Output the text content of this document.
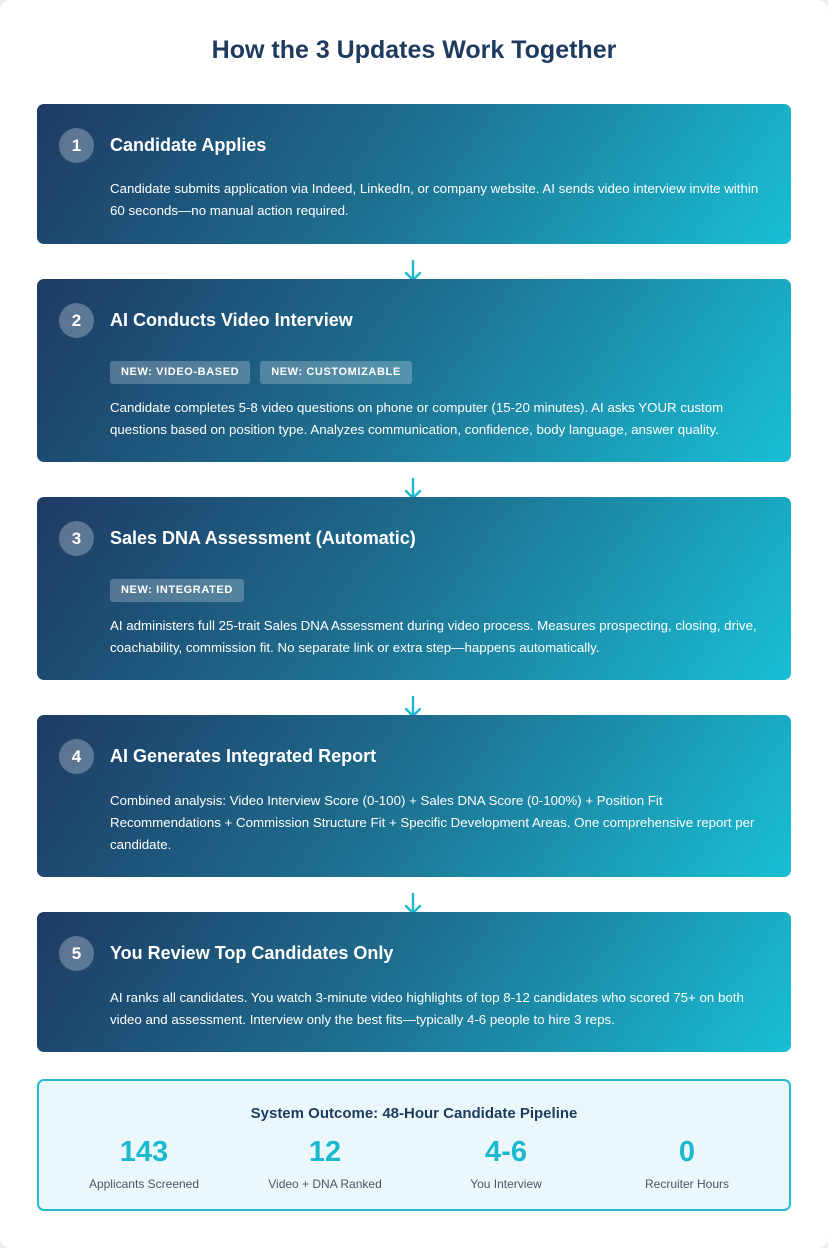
How the 3 Updates Work Together
1	Candidate Applies
Candidate submits application via Indeed, LinkedIn, or company website. AI sends video interview invite within 60 seconds—no manual action required.
2	AI Conducts Video Interview
NEW: VIDEO-BASED	NEW: CUSTOMIZABLE
Candidate completes 5-8 video questions on phone or computer (15-20 minutes). AI asks YOUR custom questions based on position type. Analyzes communication, confidence, body language, answer quality.
3	Sales DNA Assessment (Automatic)
NEW: INTEGRATED
AI administers full 25-trait Sales DNA Assessment during video process. Measures prospecting, closing, drive, coachability, commission fit. No separate link or extra step—happens automatically.
4	AI Generates Integrated Report
Combined analysis: Video Interview Score (0-100) + Sales DNA Score (0-100%) + Position Fit Recommendations + Commission Structure Fit + Specific Development Areas. One comprehensive report per candidate.
5	You Review Top Candidates Only
AI ranks all candidates. You watch 3-minute video highlights of top 8-12 candidates who scored 75+ on both video and assessment. Interview only the best fits—typically 4-6 people to hire 3 reps.
System Outcome: 48-Hour Candidate Pipeline
143
Applicants Screened
12
Video + DNA Ranked
4-6
You Interview
0
Recruiter Hours
